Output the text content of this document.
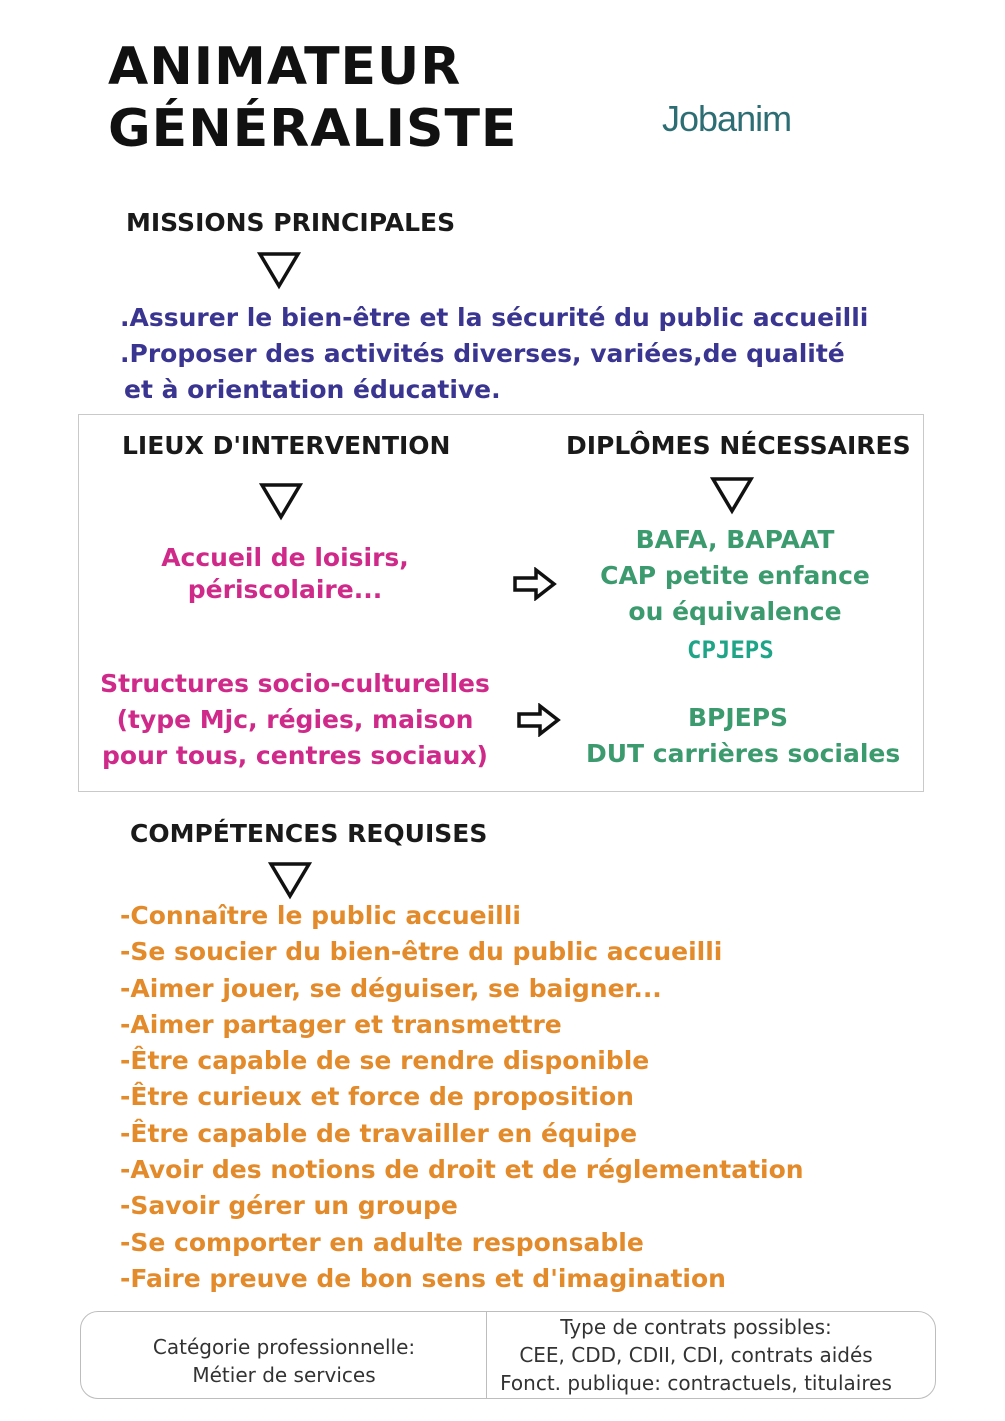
ANIMATEUR
GÉNÉRALISTE	Jobanim
MISSIONS PRINCIPALES
.Assurer le bien-être et la sécurité du public accueilli
.Proposer des activités diverses, variées,de qualité
et à orientation éducative.
LIEUX D'INTERVENTION	DIPLÔMES NÉCESSAIRES
Accueil de loisirs,
périscolaire...
BAFA, BAPAAT
CAP petite enfance
ou équivalence
CPJEPS
Structures socio-culturelles
(type Mjc, régies, maison
pour tous, centres sociaux)
BPJEPS
DUT carrières sociales
COMPÉTENCES REQUISES
-Connaître le public accueilli
-Se soucier du bien-être du public accueilli
-Aimer jouer, se déguiser, se baigner...
-Aimer partager et transmettre
-Être capable de se rendre disponible
-Être curieux et force de proposition
-Être capable de travailler en équipe
-Avoir des notions de droit et de réglementation
-Savoir gérer un groupe
-Se comporter en adulte responsable
-Faire preuve de bon sens et d'imagination
Catégorie professionnelle:
Métier de services
Type de contrats possibles:
CEE, CDD, CDII, CDI, contrats aidés
Fonct. publique: contractuels, titulaires
